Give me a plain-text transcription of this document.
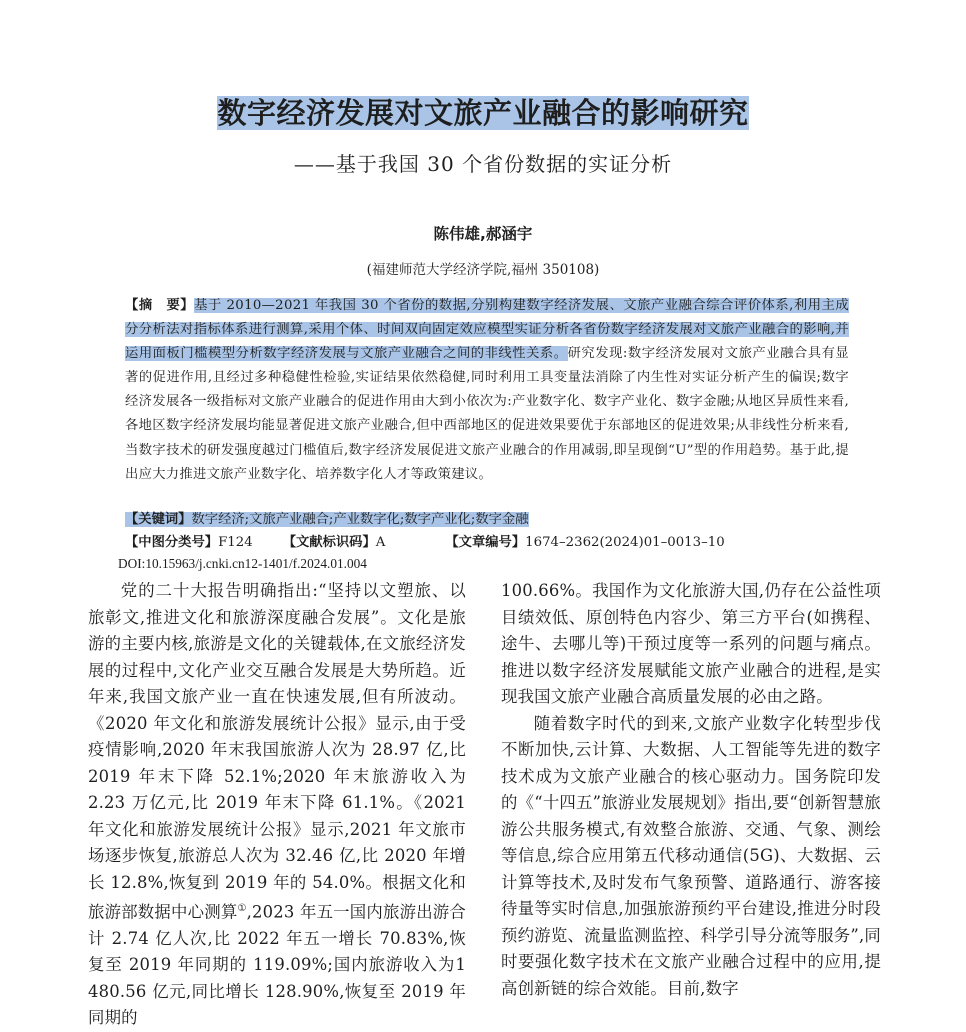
数字经济发展对文旅产业融合的影响研究
——基于我国 30 个省份数据的实证分析
陈伟雄,郝涵宇
(福建师范大学经济学院,福州 350108)
【摘　要】基于 2010—2021 年我国 30 个省份的数据,分别构建数字经济发展、文旅产业融合综合评价体系,利用主成分分析法对指标体系进行测算,采用个体、时间双向固定效应模型实证分析各省份数字经济发展对文旅产业融合的影响,并运用面板门槛模型分析数字经济发展与文旅产业融合之间的非线性关系。研究发现:数字经济发展对文旅产业融合具有显著的促进作用,且经过多种稳健性检验,实证结果依然稳健,同时利用工具变量法消除了内生性对实证分析产生的偏误;数字经济发展各一级指标对文旅产业融合的促进作用由大到小依次为:产业数字化、数字产业化、数字金融;从地区异质性来看,各地区数字经济发展均能显著促进文旅产业融合,但中西部地区的促进效果要优于东部地区的促进效果;从非线性分析来看,当数字技术的研发强度越过门槛值后,数字经济发展促进文旅产业融合的作用减弱,即呈现倒“U”型的作用趋势。基于此,提出应大力推进文旅产业数字化、培养数字化人才等政策建议。
【关键词】数字经济;文旅产业融合;产业数字化;数字产业化;数字金融
【中图分类号】F124 【文献标识码】A	【文章编号】1674–2362(2024)01–0013–10
DOI:10.15963/j.cnki.cn12-1401/f.2024.01.004

党的二十大报告明确指出:“坚持以文塑旅、以旅彰文,推进文化和旅游深度融合发展”。文化是旅游的主要内核,旅游是文化的关键载体,在文旅经济发展的过程中,文化产业交互融合发展是大势所趋。近年来,我国文旅产业一直在快速发展,但有所波动。《2020 年文化和旅游发展统计公报》显示,由于受疫情影响,2020 年末我国旅游人次为 28.97 亿,比 2019 年末下降 52.1%;2020 年末旅游收入为 2.23 万亿元,比 2019 年末下降 61.1%。《2021 年文化和旅游发展统计公报》显示,2021 年文旅市场逐步恢复,旅游总人次为 32.46 亿,比 2020 年增长 12.8%,恢复到 2019 年的 54.0%。根据文化和旅游部数据中心测算①,2023 年五一国内旅游出游合计 2.74 亿人次,比 2022 年五一增长 70.83%,恢复至 2019 年同期的 119.09%;国内旅游收入为1 480.56 亿元,同比增长 128.90%,恢复至 2019 年同期的

100.66%。我国作为文化旅游大国,仍存在公益性项目绩效低、原创特色内容少、第三方平台(如携程、途牛、去哪儿等)干预过度等一系列的问题与痛点。推进以数字经济发展赋能文旅产业融合的进程,是实现我国文旅产业融合高质量发展的必由之路。

随着数字时代的到来,文旅产业数字化转型步伐不断加快,云计算、大数据、人工智能等先进的数字技术成为文旅产业融合的核心驱动力。国务院印发的《“十四五”旅游业发展规划》指出,要“创新智慧旅游公共服务模式,有效整合旅游、交通、气象、测绘等信息,综合应用第五代移动通信(5G)、大数据、云计算等技术,及时发布气象预警、道路通行、游客接待量等实时信息,加强旅游预约平台建设,推进分时段预约游览、流量监测监控、科学引导分流等服务”,同时要强化数字技术在文旅产业融合过程中的应用,提高创新链的综合效能。目前,数字
